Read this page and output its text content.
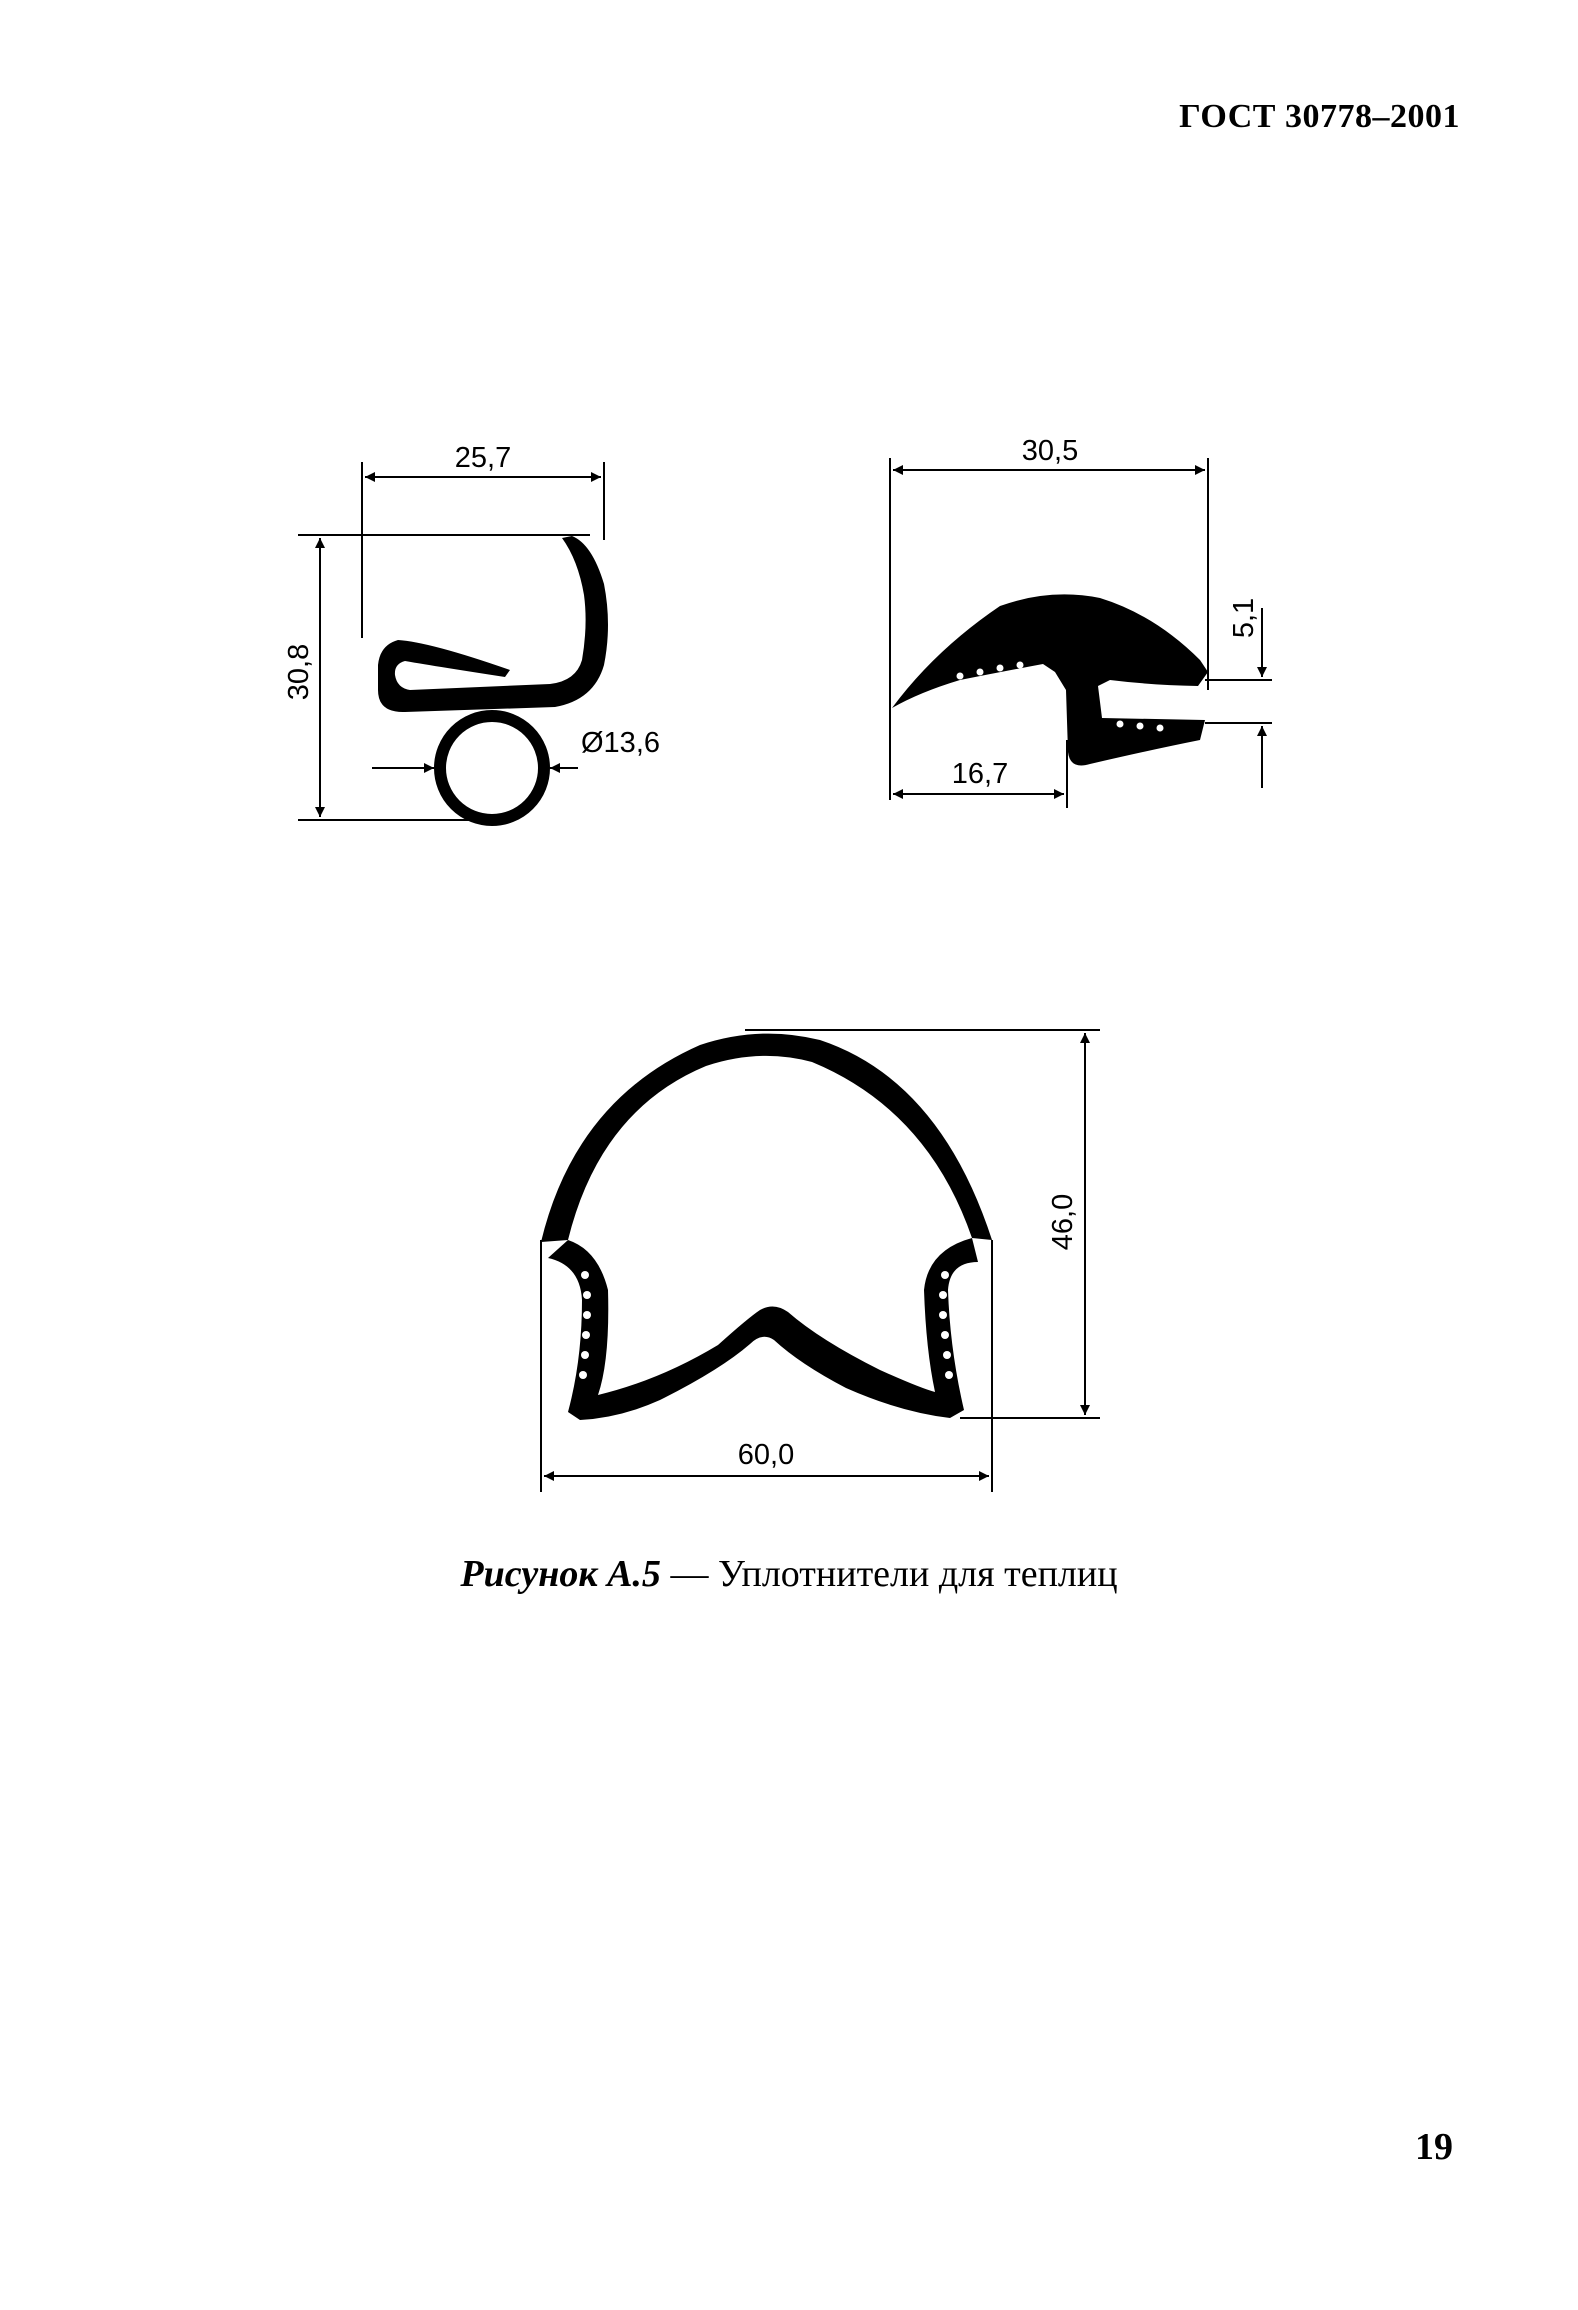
ГОСТ 30778–2001
Ø13,6
25,7
30,8
30,5
16,7
5,1
60,0
46,0
Рисунок А.5 — Уплотнители для теплиц
19
